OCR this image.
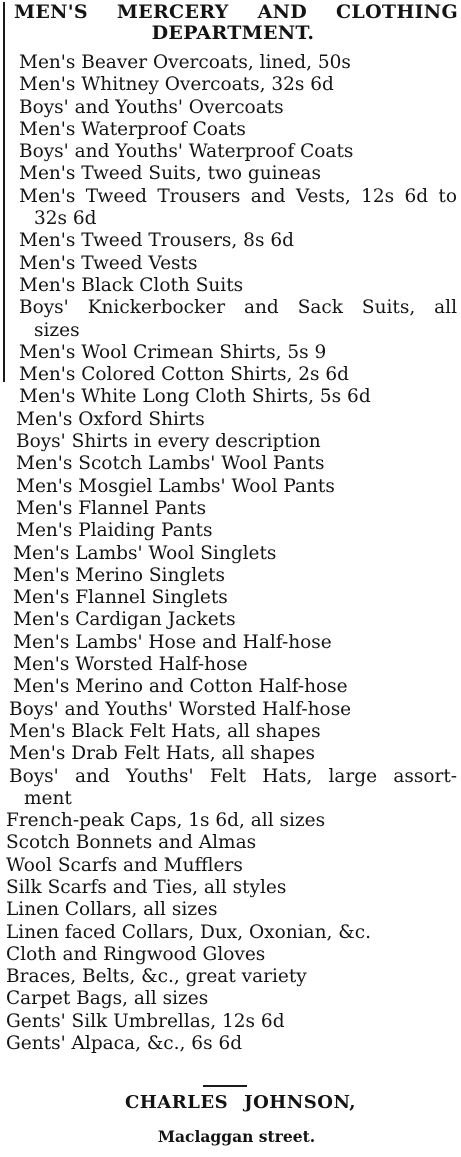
MEN'S MERCERY AND CLOTHING
DEPARTMENT.
Men's Beaver Overcoats, lined, 50s
Men's Whitney Overcoats, 32s 6d
Boys' and Youths' Overcoats
Men's Waterproof Coats
Boys' and Youths' Waterproof Coats
Men's Tweed Suits, two guineas
Men's Tweed Trousers and Vests, 12s 6d to
32s 6d
Men's Tweed Trousers, 8s 6d
Men's Tweed Vests
Men's Black Cloth Suits
Boys' Knickerbocker and Sack Suits, all
sizes
Men's Wool Crimean Shirts, 5s 9
Men's Colored Cotton Shirts, 2s 6d
Men's White Long Cloth Shirts, 5s 6d
Men's Oxford Shirts
Boys' Shirts in every description
Men's Scotch Lambs' Wool Pants
Men's Mosgiel Lambs' Wool Pants
Men's Flannel Pants
Men's Plaiding Pants
Men's Lambs' Wool Singlets
Men's Merino Singlets
Men's Flannel Singlets
Men's Cardigan Jackets
Men's Lambs' Hose and Half-hose
Men's Worsted Half-hose
Men's Merino and Cotton Half-hose
Boys' and Youths' Worsted Half-hose
Men's Black Felt Hats, all shapes
Men's Drab Felt Hats, all shapes
Boys' and Youths' Felt Hats, large assort-
ment
French-peak Caps, 1s 6d, all sizes
Scotch Bonnets and Almas
Wool Scarfs and Mufflers
Silk Scarfs and Ties, all styles
Linen Collars, all sizes
Linen faced Collars, Dux, Oxonian, &c.
Cloth and Ringwood Gloves
Braces, Belts, &c., great variety
Carpet Bags, all sizes
Gents' Silk Umbrellas, 12s 6d
Gents' Alpaca, &c., 6s 6d
CHARLES JOHNSON,
Maclaggan street.
